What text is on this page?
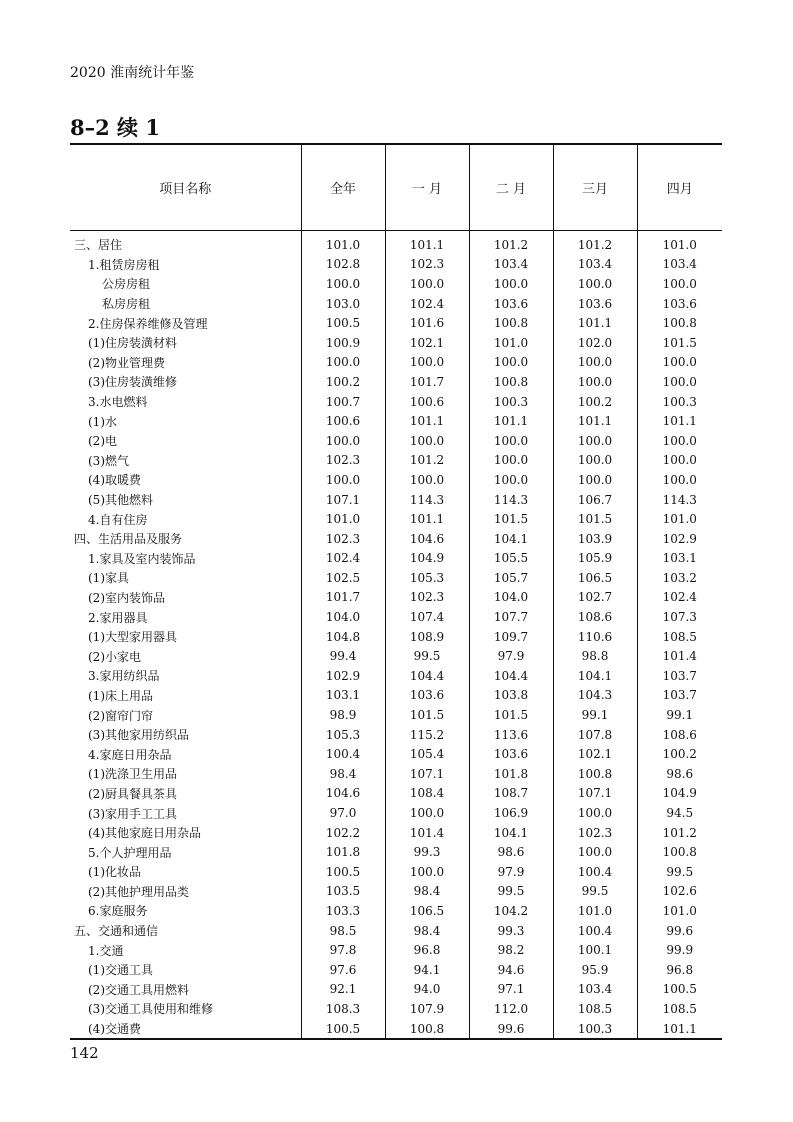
2020 淮南统计年鉴
8–2 续 1
项目名称	全年	一 月	二 月	三月	四月
三、居住	101.0	101.1	101.2	101.2	101.0
1.租赁房房租	102.8	102.3	103.4	103.4	103.4
公房房租	100.0	100.0	100.0	100.0	100.0
私房房租	103.0	102.4	103.6	103.6	103.6
2.住房保养维修及管理	100.5	101.6	100.8	101.1	100.8
(1)住房装潢材料	100.9	102.1	101.0	102.0	101.5
(2)物业管理费	100.0	100.0	100.0	100.0	100.0
(3)住房装潢维修	100.2	101.7	100.8	100.0	100.0
3.水电燃料	100.7	100.6	100.3	100.2	100.3
(1)水	100.6	101.1	101.1	101.1	101.1
(2)电	100.0	100.0	100.0	100.0	100.0
(3)燃气	102.3	101.2	100.0	100.0	100.0
(4)取暖费	100.0	100.0	100.0	100.0	100.0
(5)其他燃料	107.1	114.3	114.3	106.7	114.3
4.自有住房	101.0	101.1	101.5	101.5	101.0
四、生活用品及服务	102.3	104.6	104.1	103.9	102.9
1.家具及室内装饰品	102.4	104.9	105.5	105.9	103.1
(1)家具	102.5	105.3	105.7	106.5	103.2
(2)室内装饰品	101.7	102.3	104.0	102.7	102.4
2.家用器具	104.0	107.4	107.7	108.6	107.3
(1)大型家用器具	104.8	108.9	109.7	110.6	108.5
(2)小家电	99.4	99.5	97.9	98.8	101.4
3.家用纺织品	102.9	104.4	104.4	104.1	103.7
(1)床上用品	103.1	103.6	103.8	104.3	103.7
(2)窗帘门帘	98.9	101.5	101.5	99.1	99.1
(3)其他家用纺织品	105.3	115.2	113.6	107.8	108.6
4.家庭日用杂品	100.4	105.4	103.6	102.1	100.2
(1)洗涤卫生用品	98.4	107.1	101.8	100.8	98.6
(2)厨具餐具茶具	104.6	108.4	108.7	107.1	104.9
(3)家用手工工具	97.0	100.0	106.9	100.0	94.5
(4)其他家庭日用杂品	102.2	101.4	104.1	102.3	101.2
5.个人护理用品	101.8	99.3	98.6	100.0	100.8
(1)化妆品	100.5	100.0	97.9	100.4	99.5
(2)其他护理用品类	103.5	98.4	99.5	99.5	102.6
6.家庭服务	103.3	106.5	104.2	101.0	101.0
五、交通和通信	98.5	98.4	99.3	100.4	99.6
1.交通	97.8	96.8	98.2	100.1	99.9
(1)交通工具	97.6	94.1	94.6	95.9	96.8
(2)交通工具用燃料	92.1	94.0	97.1	103.4	100.5
(3)交通工具使用和维修	108.3	107.9	112.0	108.5	108.5
(4)交通费	100.5	100.8	99.6	100.3	101.1
142
